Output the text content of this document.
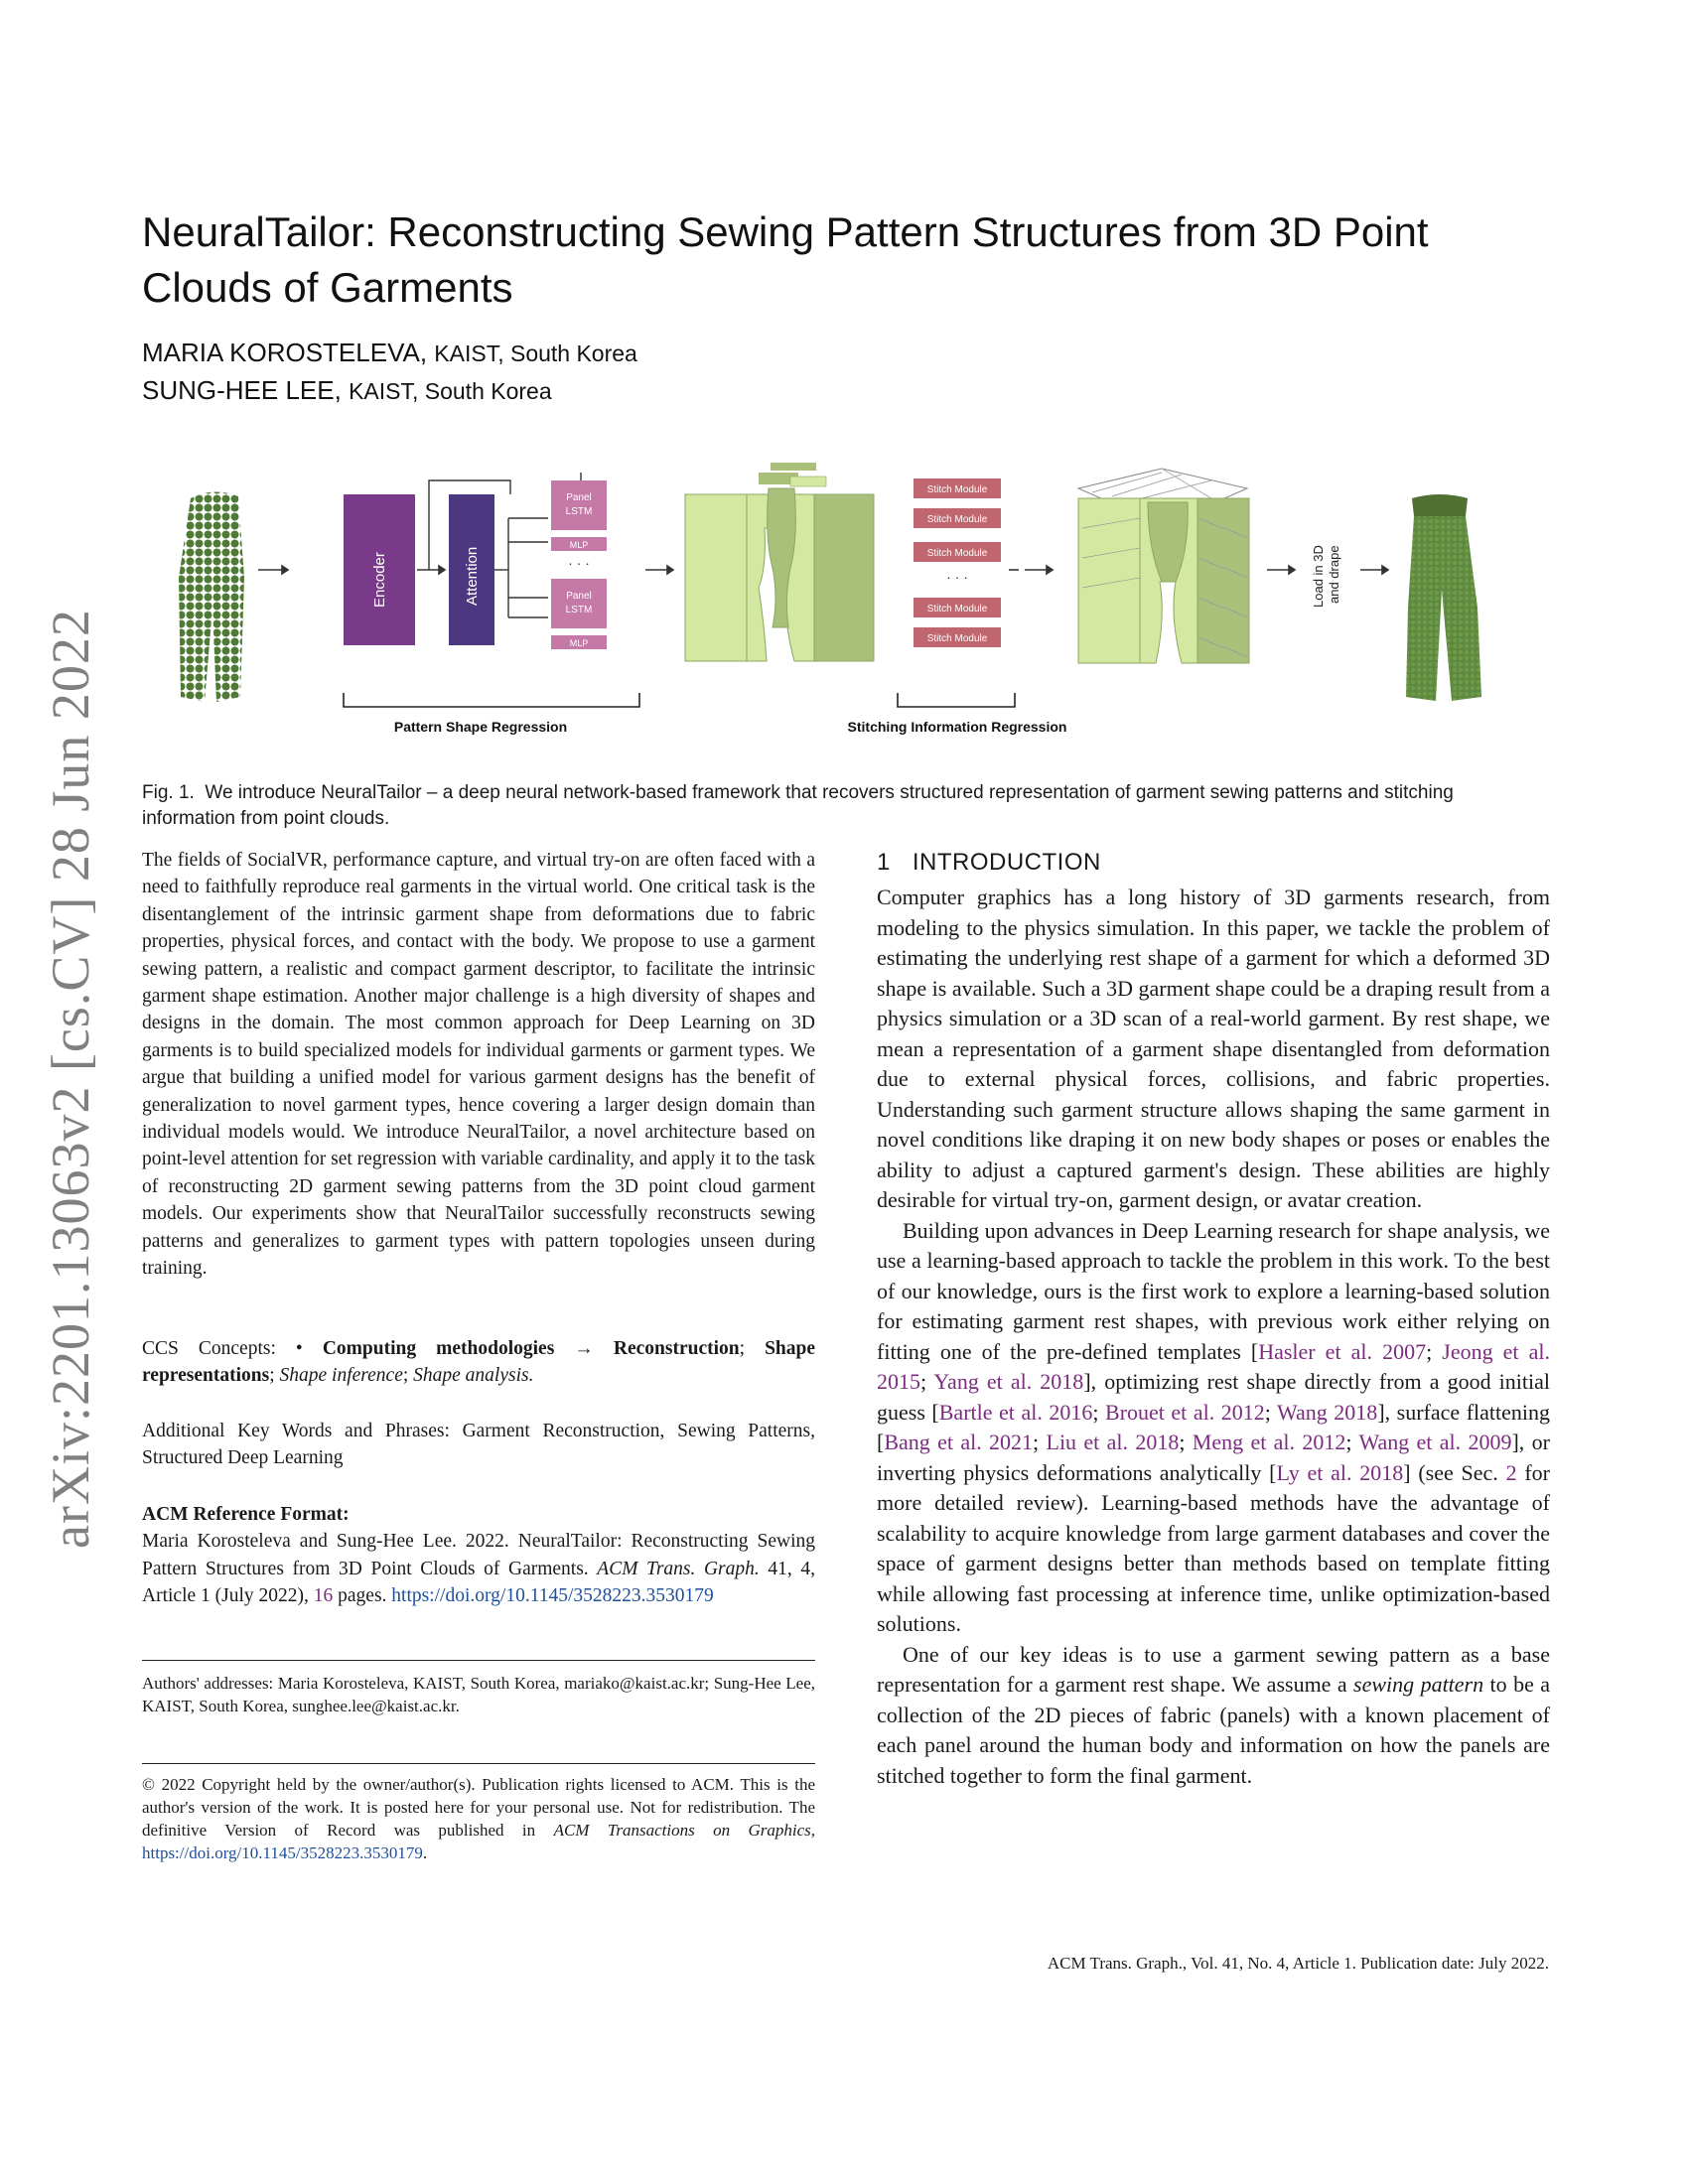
arXiv:2201.13063v2 [cs.CV] 28 Jun 2022
NeuralTailor: Reconstructing Sewing Pattern Structures from 3D Point Clouds of Garments
MARIA KOROSTELEVA, KAIST, South Korea
SUNG-HEE LEE, KAIST, South Korea
Encoder	Attention
Panel
LSTM
MLP
· · ·
Panel
LSTM
MLP
Stitch Module
Stitch Module
Stitch Module
· · ·
Stitch Module
Stitch Module
Load in 3D and drape
Pattern Shape Regression	Stitching Information Regression
Fig. 1. We introduce NeuralTailor – a deep neural network-based framework that recovers structured representation of garment sewing patterns and stitching information from point clouds.

The fields of SocialVR, performance capture, and virtual try-on are often faced with a need to faithfully reproduce real garments in the virtual world. One critical task is the disentanglement of the intrinsic garment shape from deformations due to fabric properties, physical forces, and contact with the body. We propose to use a garment sewing pattern, a realistic and compact garment descriptor, to facilitate the intrinsic garment shape estimation. Another major challenge is a high diversity of shapes and designs in the domain. The most common approach for Deep Learning on 3D garments is to build specialized models for individual garments or garment types. We argue that building a unified model for various garment designs has the benefit of generalization to novel garment types, hence covering a larger design domain than individual models would. We introduce NeuralTailor, a novel architecture based on point-level attention for set regression with variable cardinality, and apply it to the task of reconstructing 2D garment sewing patterns from the 3D point cloud garment models. Our experiments show that NeuralTailor successfully reconstructs sewing patterns and generalizes to garment types with pattern topologies unseen during training.

CCS Concepts: • Computing methodologies → Reconstruction; Shape representations; Shape inference; Shape analysis.

Additional Key Words and Phrases: Garment Reconstruction, Sewing Patterns, Structured Deep Learning

ACM Reference Format:
Maria Korosteleva and Sung-Hee Lee. 2022. NeuralTailor: Reconstructing Sewing Pattern Structures from 3D Point Clouds of Garments. ACM Trans. Graph. 41, 4, Article 1 (July 2022), 16 pages. https://doi.org/10.1145/3528223.3530179

Authors' addresses: Maria Korosteleva, KAIST, South Korea, mariako@kaist.ac.kr; Sung-Hee Lee, KAIST, South Korea, sunghee.lee@kaist.ac.kr.

© 2022 Copyright held by the owner/author(s). Publication rights licensed to ACM. This is the author's version of the work. It is posted here for your personal use. Not for redistribution. The definitive Version of Record was published in ACM Transactions on Graphics, https://doi.org/10.1145/3528223.3530179.

1 INTRODUCTION

Computer graphics has a long history of 3D garments research, from modeling to the physics simulation. In this paper, we tackle the problem of estimating the underlying rest shape of a garment for which a deformed 3D shape is available. Such a 3D garment shape could be a draping result from a physics simulation or a 3D scan of a real-world garment. By rest shape, we mean a representation of a garment shape disentangled from deformation due to external physical forces, collisions, and fabric properties. Understanding such garment structure allows shaping the same garment in novel conditions like draping it on new body shapes or poses or enables the ability to adjust a captured garment's design. These abilities are highly desirable for virtual try-on, garment design, or avatar creation.

Building upon advances in Deep Learning research for shape analysis, we use a learning-based approach to tackle the problem in this work. To the best of our knowledge, ours is the first work to explore a learning-based solution for estimating garment rest shapes, with previous work either relying on fitting one of the pre-defined templates [Hasler et al. 2007; Jeong et al. 2015; Yang et al. 2018], optimizing rest shape directly from a good initial guess [Bartle et al. 2016; Brouet et al. 2012; Wang 2018], surface flattening [Bang et al. 2021; Liu et al. 2018; Meng et al. 2012; Wang et al. 2009], or inverting physics deformations analytically [Ly et al. 2018] (see Sec. 2 for more detailed review). Learning-based methods have the advantage of scalability to acquire knowledge from large garment databases and cover the space of garment designs better than methods based on template fitting while allowing fast processing at inference time, unlike optimization-based solutions.

One of our key ideas is to use a garment sewing pattern as a base representation for a garment rest shape. We assume a sewing pattern to be a collection of the 2D pieces of fabric (panels) with a known placement of each panel around the human body and information on how the panels are stitched together to form the final garment.

ACM Trans. Graph., Vol. 41, No. 4, Article 1. Publication date: July 2022.
